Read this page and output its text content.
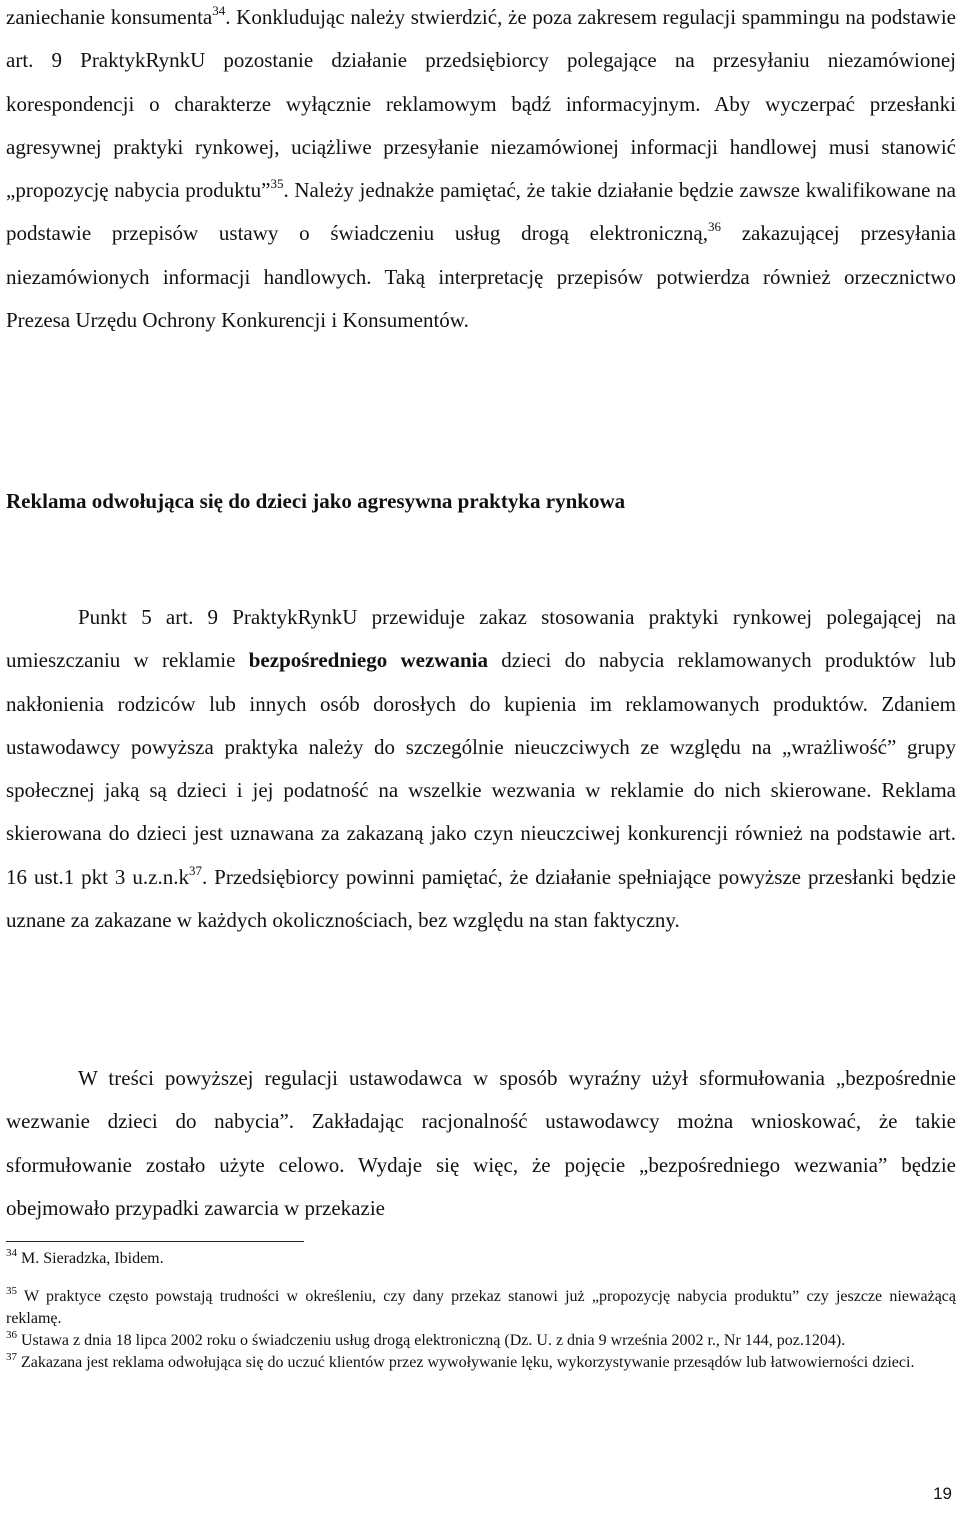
zaniechanie konsumenta$^{34}$. Konkludując należy stwierdzić, że poza zakresem regulacji spammingu na podstawie art. 9 PraktykRynkU pozostanie działanie przedsiębiorcy polegające na przesyłaniu niezamówionej korespondencji o charakterze wyłącznie reklamowym bądź informacyjnym. Aby wyczerpać przesłanki agresywnej praktyki rynkowej, uciążliwe przesyłanie niezamówionej informacji handlowej musi stanowić „propozycję nabycia produktu”$^{35}$. Należy jednakże pamiętać, że takie działanie będzie zawsze kwalifikowane na podstawie przepisów ustawy o świadczeniu usług drogą elektroniczną,$^{36}$ zakazującej przesyłania niezamówionych informacji handlowych. Taką interpretację przepisów potwierdza również orzecznictwo Prezesa Urzędu Ochrony Konkurencji i Konsumentów.

Reklama odwołująca się do dzieci jako agresywna praktyka rynkowa

Punkt 5 art. 9 PraktykRynkU przewiduje zakaz stosowania praktyki rynkowej polegającej na umieszczaniu w reklamie bezpośredniego wezwania dzieci do nabycia reklamowanych produktów lub nakłonienia rodziców lub innych osób dorosłych do kupienia im reklamowanych produktów. Zdaniem ustawodawcy powyższa praktyka należy do szczególnie nieuczciwych ze względu na „wrażliwość” grupy społecznej jaką są dzieci i jej podatność na wszelkie wezwania w reklamie do nich skierowane. Reklama skierowana do dzieci jest uznawana za zakazaną jako czyn nieuczciwej konkurencji również na podstawie art. 16 ust.1 pkt 3 $u.z.n.k^{37}$. Przedsiębiorcy powinni pamiętać, że działanie spełniające powyższe przesłanki będzie uznane za zakazane w każdych okolicznościach, bez względu na stan faktyczny.

W treści powyższej regulacji ustawodawca w sposób wyraźny użył sformułowania „bezpośrednie wezwanie dzieci do nabycia”. Zakładając racjonalność ustawodawcy można wnioskować, że takie sformułowanie zostało użyte celowo. Wydaje się więc, że pojęcie „bezpośredniego wezwania” będzie obejmowało przypadki zawarcia w przekazie

$^{34}$ M. Sieradzka, Ibidem.

$^{35}$ W praktyce często powstają trudności w określeniu, czy dany przekaz stanowi już „propozycję nabycia produktu” czy jeszcze nieważącą reklamę.

$^{36}$ Ustawa z dnia 18 lipca 2002 roku o świadczeniu usług drogą elektroniczną (Dz. U. z dnia 9 września 2002 r., Nr 144, poz.1204).

$^{37}$ Zakazana jest reklama odwołująca się do uczuć klientów przez wywoływanie lęku, wykorzystywanie przesądów lub łatwowierności dzieci.

19
